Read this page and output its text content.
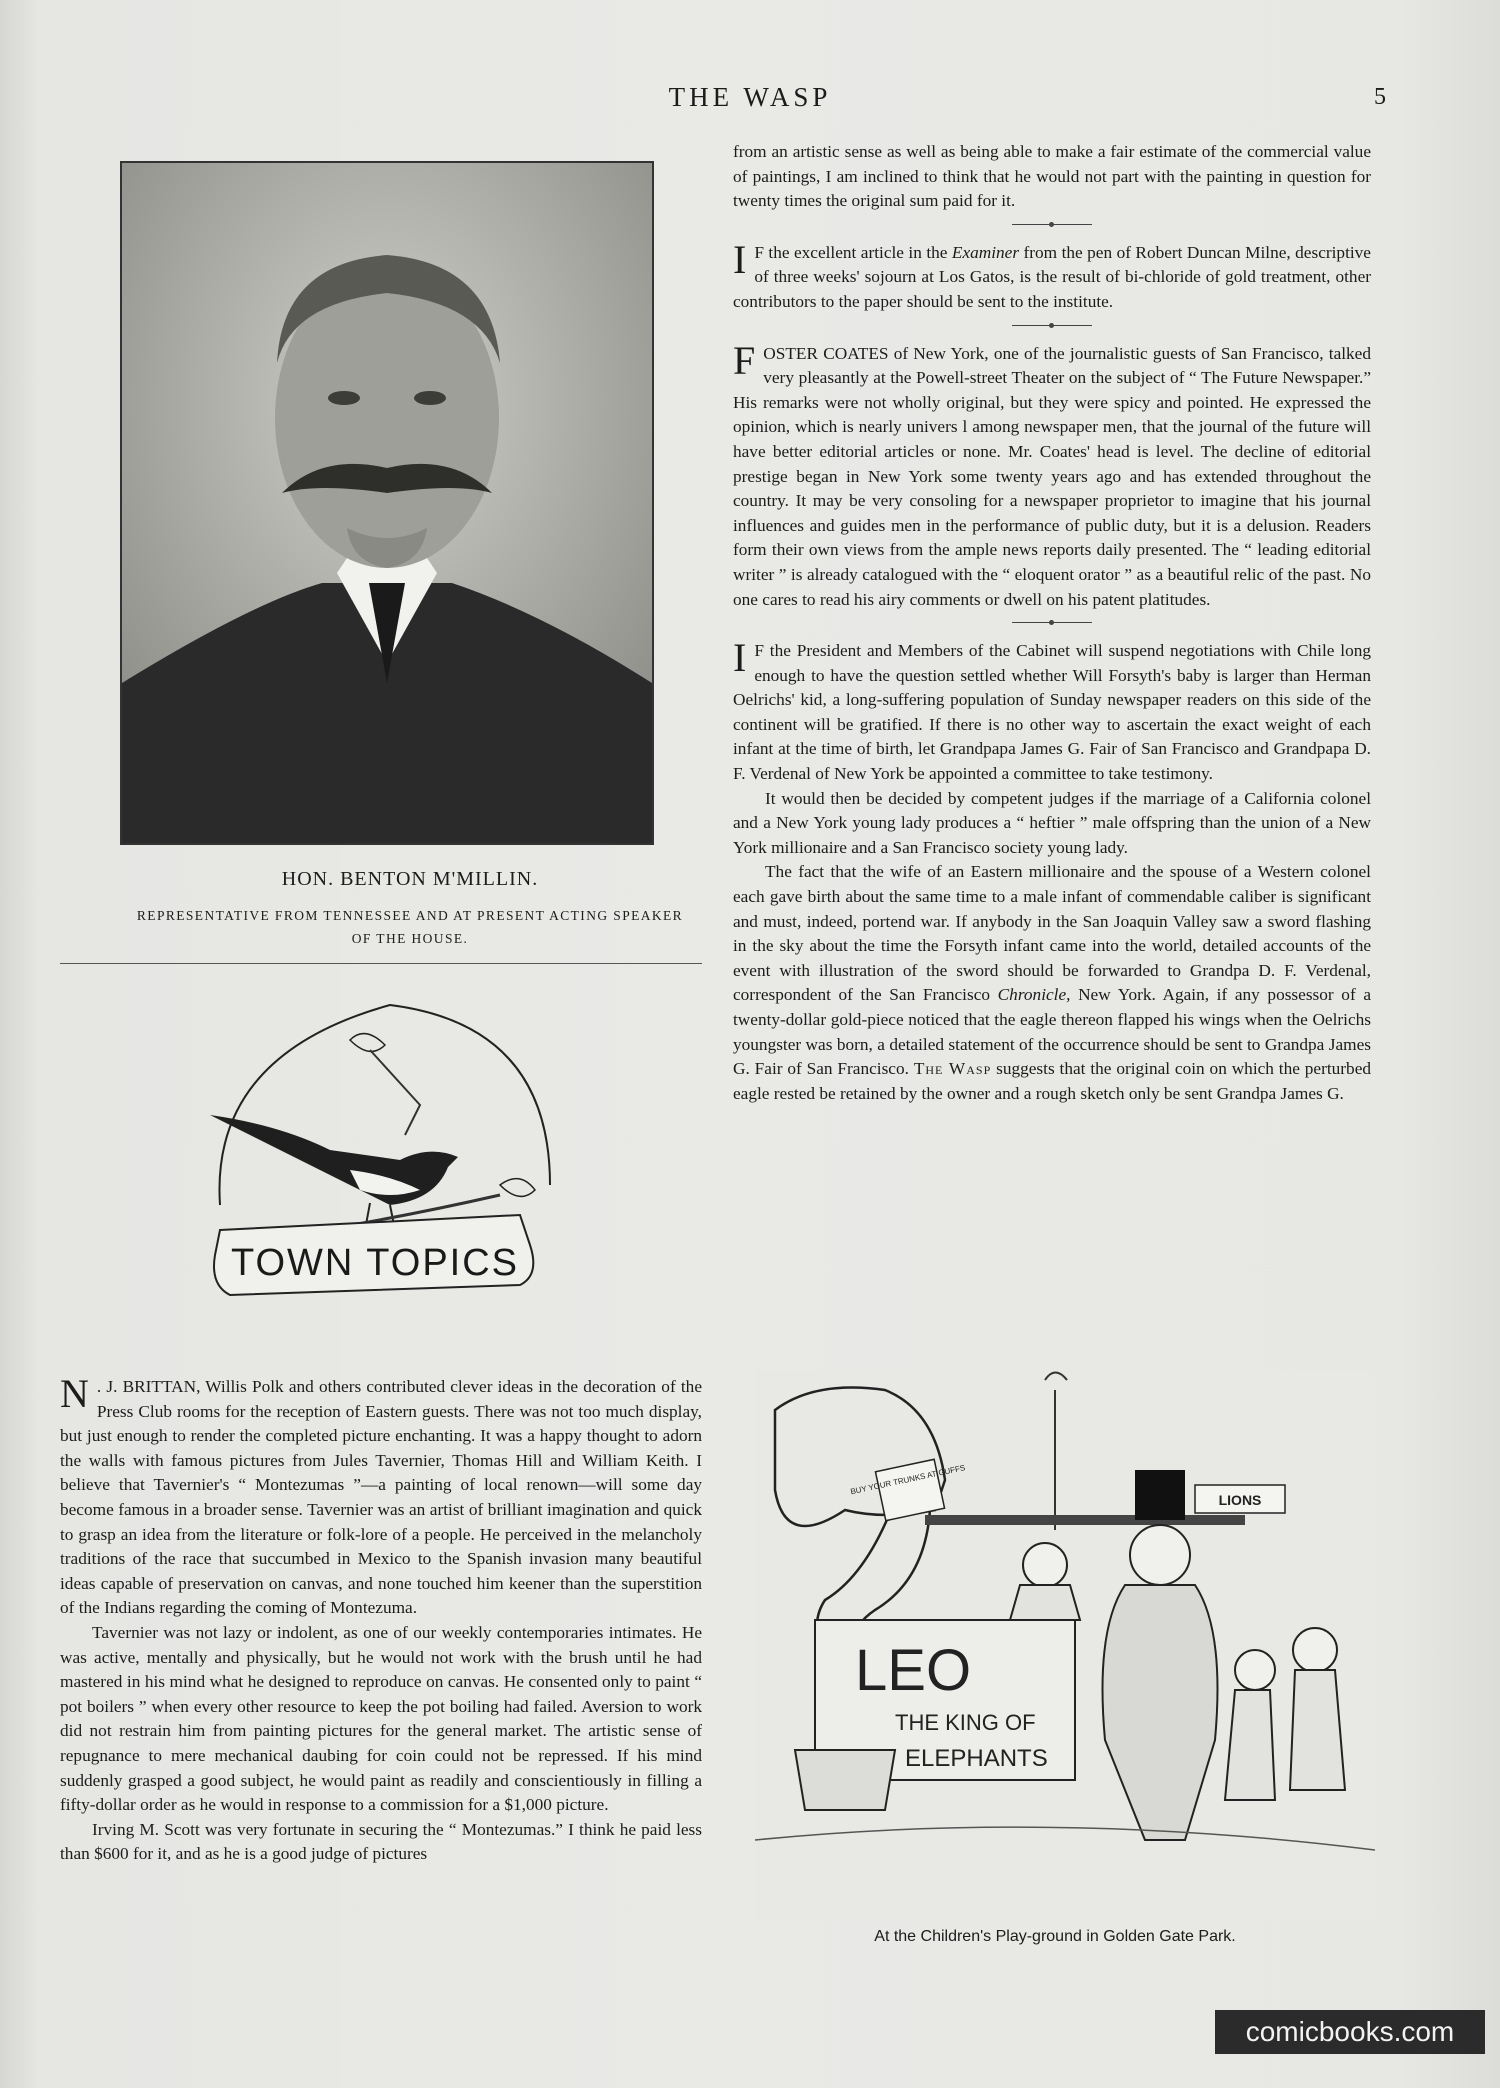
THE WASP	5
HON. BENTON M'MILLIN.
REPRESENTATIVE FROM TENNESSEE AND AT PRESENT ACTING SPEAKER
OF THE HOUSE.
TOWN TOPICS

N . J. BRITTAN, Willis Polk and others contributed clever ideas in the decoration of the Press Club rooms for the reception of Eastern guests. There was not too much display, but just enough to render the completed picture enchanting. It was a happy thought to adorn the walls with famous pictures from Jules Tavernier, Thomas Hill and William Keith. I believe that Tavernier's “ Montezumas ”—a painting of local renown—will some day become famous in a broader sense. Tavernier was an artist of brilliant imagination and quick to grasp an idea from the literature or folk-lore of a people. He perceived in the melancholy traditions of the race that succumbed in Mexico to the Spanish invasion many beautiful ideas capable of preservation on canvas, and none touched him keener than the superstition of the Indians regarding the coming of Montezuma.

Tavernier was not lazy or indolent, as one of our weekly contemporaries intimates. He was active, mentally and physically, but he would not work with the brush until he had mastered in his mind what he designed to reproduce on canvas. He consented only to paint “ pot boilers ” when every other resource to keep the pot boiling had failed. Aversion to work did not restrain him from painting pictures for the general market. The artistic sense of repugnance to mere mechanical daubing for coin could not be repressed. If his mind suddenly grasped a good subject, he would paint as readily and conscientiously in filling a fifty-dollar order as he would in response to a commission for a $1,000 picture.

Irving M. Scott was very fortunate in securing the “ Montezumas.” I think he paid less than $600 for it, and as he is a good judge of pictures

from an artistic sense as well as being able to make a fair estimate of the commercial value of paintings, I am inclined to think that he would not part with the painting in question for twenty times the original sum paid for it.

I F the excellent article in the Examiner from the pen of Robert Duncan Milne, descriptive of three weeks' sojourn at Los Gatos, is the result of bi-chloride of gold treatment, other contributors to the paper should be sent to the institute.

FOSTER COATES of New York, one of the journalistic guests of San Francisco, talked very pleasantly at the Powell-street Theater on the subject of “ The Future Newspaper.” His remarks were not wholly original, but they were spicy and pointed. He expressed the opinion, which is nearly univers l among newspaper men, that the journal of the future will have better editorial articles or none. Mr. Coates' head is level. The decline of editorial prestige began in New York some twenty years ago and has extended throughout the country. It may be very consoling for a newspaper proprietor to imagine that his journal influences and guides men in the performance of public duty, but it is a delusion. Readers form their own views from the ample news reports daily presented. The “ leading editorial writer ” is already catalogued with the “ eloquent orator ” as a beautiful relic of the past. No one cares to read his airy comments or dwell on his patent platitudes.

I F the President and Members of the Cabinet will suspend negotiations with Chile long enough to have the question settled whether Will Forsyth's baby is larger than Herman Oelrichs' kid, a long-suffering population of Sunday newspaper readers on this side of the continent will be gratified. If there is no other way to ascertain the exact weight of each infant at the time of birth, let Grandpapa James G. Fair of San Francisco and Grandpapa D. F. Verdenal of New York be appointed a committee to take testimony.

It would then be decided by competent judges if the marriage of a California colonel and a New York young lady produces a “ heftier ” male offspring than the union of a New York millionaire and a San Francisco society young lady.

The fact that the wife of an Eastern millionaire and the spouse of a Western colonel each gave birth about the same time to a male infant of commendable caliber is significant and must, indeed, portend war. If anybody in the San Joaquin Valley saw a sword flashing in the sky about the time the Forsyth infant came into the world, detailed accounts of the event with illustration of the sword should be forwarded to Grandpa D. F. Verdenal, correspondent of the San Francisco Chronicle, New York. Again, if any possessor of a twenty-dollar gold-piece noticed that the eagle thereon flapped his wings when the Oelrichs youngster was born, a detailed statement of the occurrence should be sent to Grandpa James G. Fair of San Francisco. The Wasp suggests that the original coin on which the perturbed eagle rested be retained by the owner and a rough sketch only be sent Grandpa James G.

BUY YOUR TRUNKS AT GUFFS
LIONS
LEO
THE KING OF
ELEPHANTS
At the Children's Play-ground in Golden Gate Park.
comicbooks.com
